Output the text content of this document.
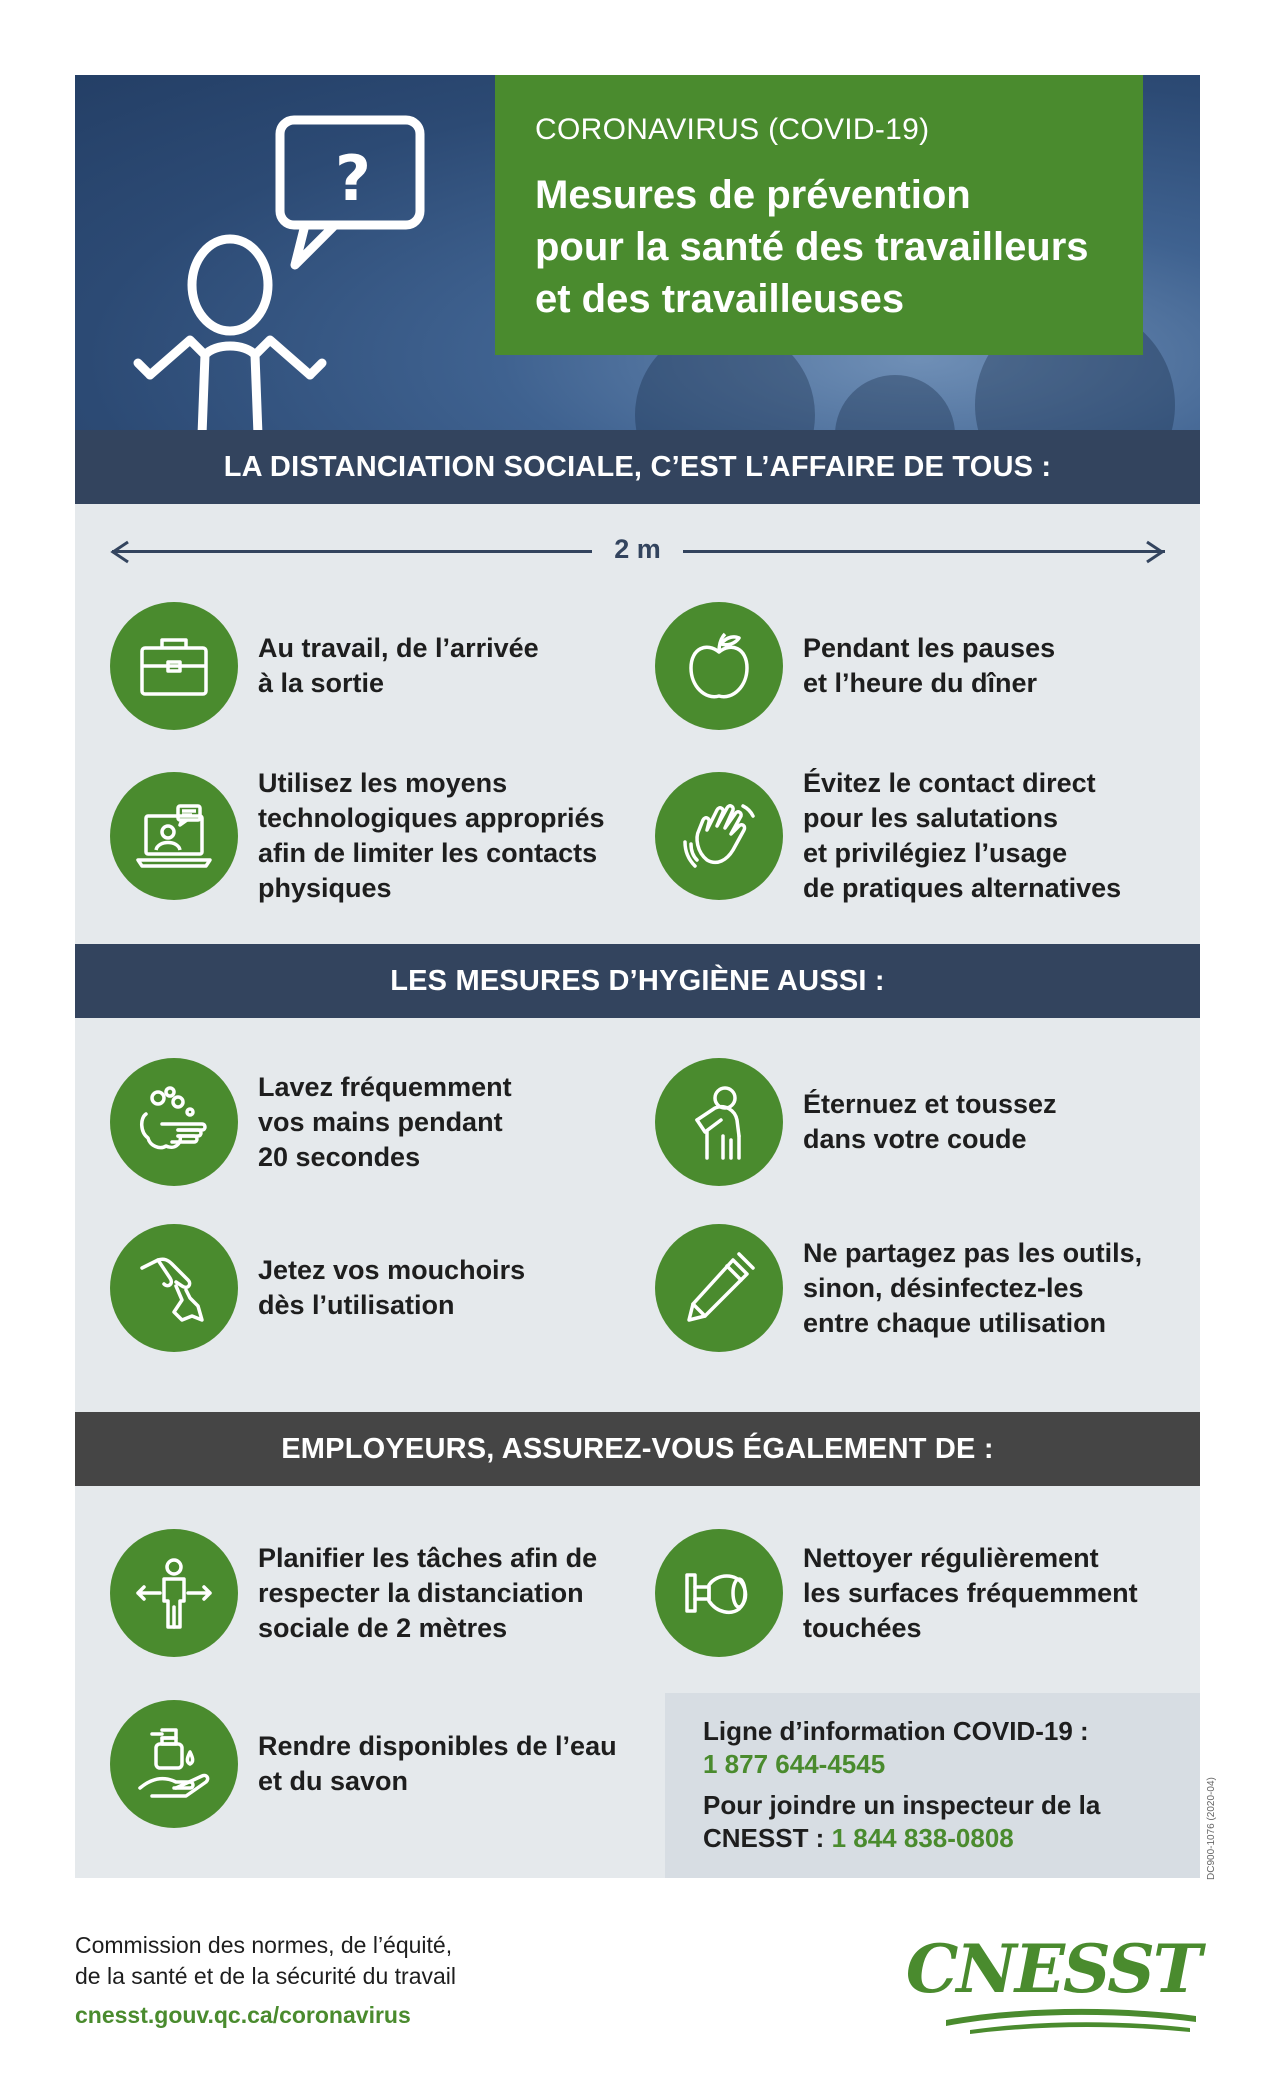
?
CORONAVIRUS (COVID-19)
Mesures de prévention
pour la santé des travailleurs
et des travailleuses
LA DISTANCIATION SOCIALE, C’EST L’AFFAIRE DE TOUS :
2 m
Au travail, de l’arrivée
à la sortie
Pendant les pauses
et l’heure du dîner
Utilisez les moyens
technologiques appropriés
afin de limiter les contacts
physiques
Évitez le contact direct
pour les salutations
et privilégiez l’usage
de pratiques alternatives
LES MESURES D’HYGIÈNE AUSSI :
Lavez fréquemment
vos mains pendant
20 secondes
Éternuez et toussez
dans votre coude
Jetez vos mouchoirs
dès l’utilisation
Ne partagez pas les outils,
sinon, désinfectez-les
entre chaque utilisation
EMPLOYEURS, ASSUREZ-VOUS ÉGALEMENT DE :
Planifier les tâches afin de
respecter la distanciation
sociale de 2 mètres
Nettoyer régulièrement
les surfaces fréquemment
touchées
Rendre disponibles de l’eau
et du savon

Ligne d’information COVID-19 :

1 877 644-4545

Pour joindre un inspecteur de la

CNESST : 1 844 838-0808	DC900-1076 (2020-04)
Commission des normes, de l’équité,
de la santé et de la sécurité du travail
cnesst.gouv.qc.ca/coronavirus
CNESST
